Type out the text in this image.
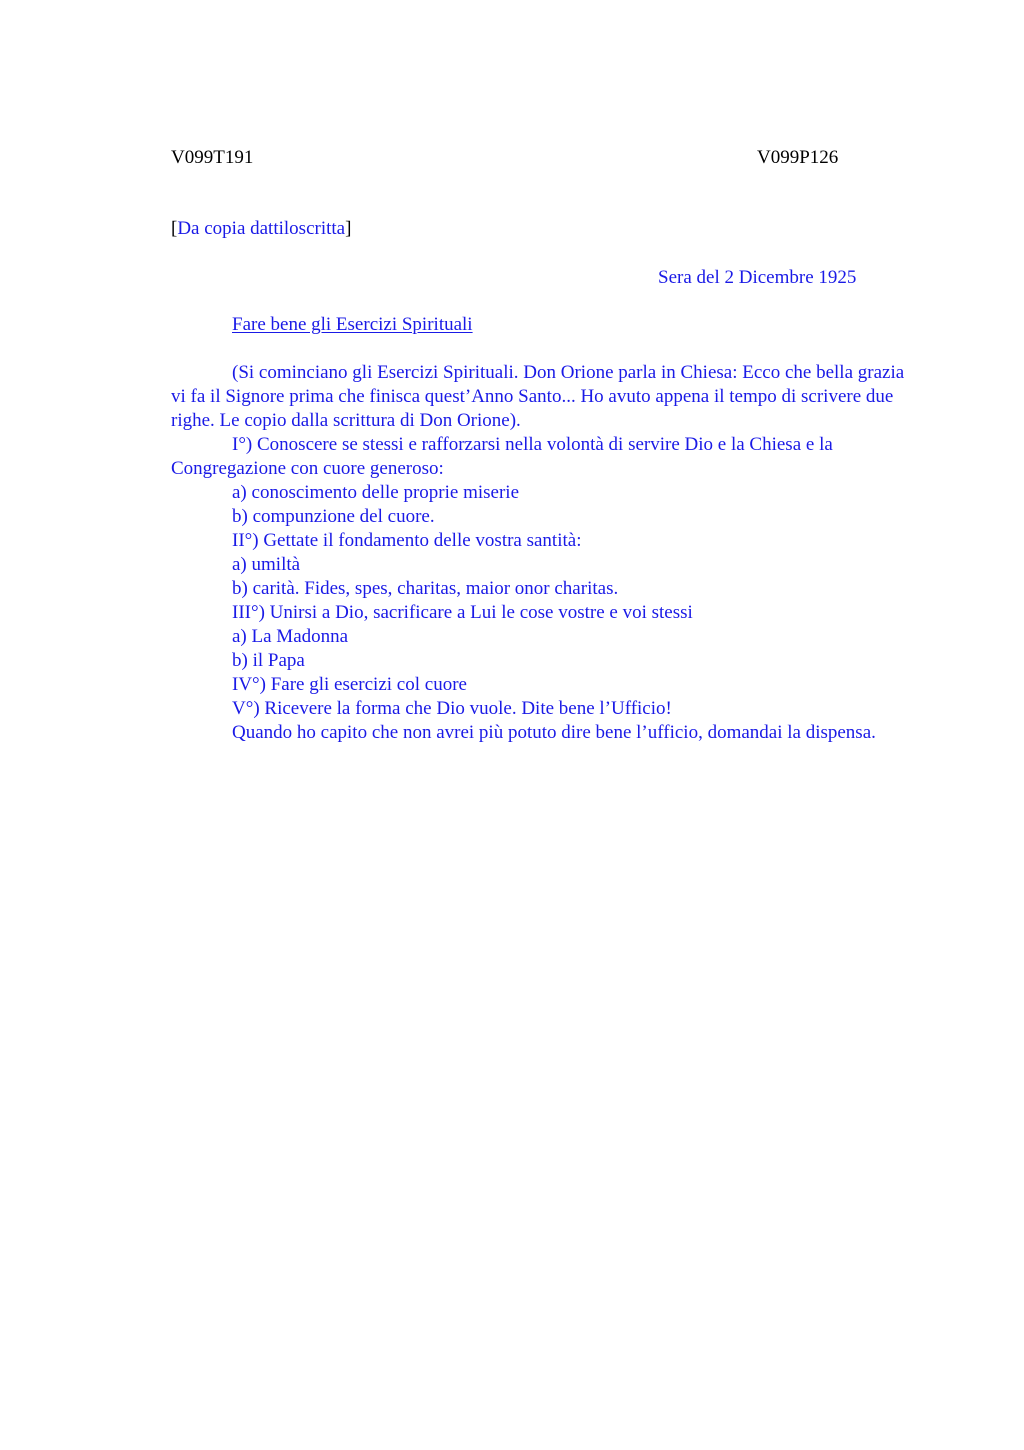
V099T191	V099P126
[Da copia dattiloscritta]
Sera del 2 Dicembre 1925
Fare bene gli Esercizi Spirituali

(Si cominciano gli Esercizi Spirituali. Don Orione parla in Chiesa: Ecco che bella grazia vi fa il Signore prima che finisca quest’Anno Santo... Ho avuto appena il tempo di scrivere due righe. Le copio dalla scrittura di Don Orione).

I°) Conoscere se stessi e rafforzarsi nella volontà di servire Dio e la Chiesa e la Congregazione con cuore generoso:

a) conoscimento delle proprie miserie

b) compunzione del cuore.

II°) Gettate il fondamento delle vostra santità:

a) umiltà

b) carità. Fides, spes, charitas, maior onor charitas.

III°) Unirsi a Dio, sacrificare a Lui le cose vostre e voi stessi

a) La Madonna

b) il Papa

IV°) Fare gli esercizi col cuore

V°) Ricevere la forma che Dio vuole. Dite bene l’Ufficio!

Quando ho capito che non avrei più potuto dire bene l’ufficio, domandai la dispensa.
